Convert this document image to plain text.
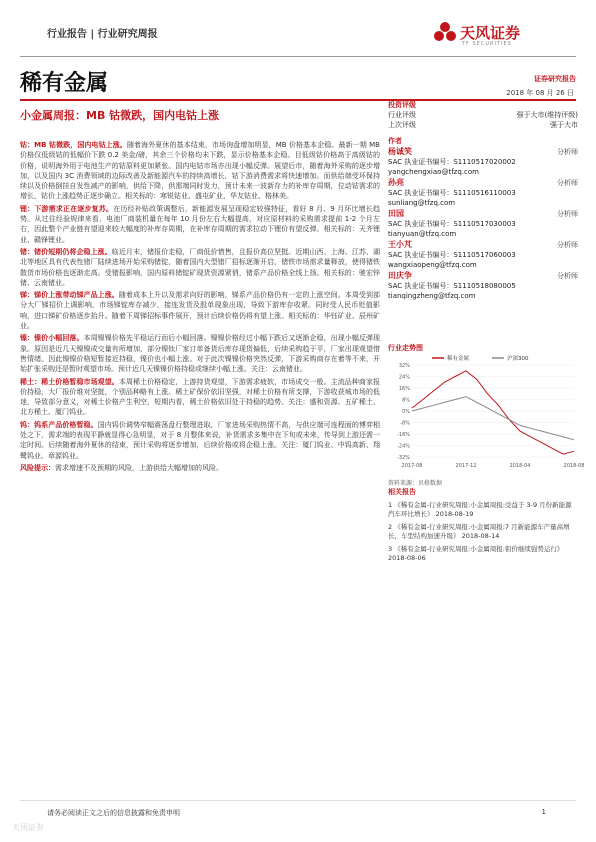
行业报告 | 行业研究周报	天风证券
TF SECURITIES
稀有金属	证券研究报告
2018 年 08 月 26 日
小金属周报：MB 钴微跌，国内电钴上涨

钴：MB 钴微跌，国内电钴上涨。随着海外夏休的基本结束，市场询盘增加明显，MB 价格基本企稳。最新一期 MB 价格仅低级钴的低幅价下跌 0.2 美金/磅，其余三个价格均未下跌，显示价格基本企稳。目低级钴价格高于高级钴的价格，说明海外用于电池生产的钴原料更加紧张。国内电钴市场亦出现小幅反弹。展望后市，随着海外采购的逐步增加，以及国内 3C 消费领域的边际改善及新能源汽车的持续高增长，钴下游消费需求将快速增加。而供给端受环保持续以及价格倒挂自发性减产的影响，供给下降，供需端同时发力，预计未来一波新存力的补库存周期，位动钴需求的增长，钴价上涨趋势正逐步确立。相关标的：寒锐钴业、盛屯矿业、华友钴业、格林美。

锂：下游需求正在逐步复苏。在历经补贴政策调整后，新能源发展呈现稳定较强特征，看好 8 月、9 月环比增长趋势。从过往经验规律来看，电池厂商装机量在每年 10 月份左右大幅提高，对应原材料的采购需求提前 1-2 个月左右，因此整个产业链有望迎来较大幅度的补库存周期，在补库存周期的需求拉动下锂价有望反弹。相关标的：天齐锂业、赣锋锂业。

锗：锗价短期仍将企稳上涨。临近月末，锗报价走稳，厂商低价惜售，且报价高位坚挺。近期山西、上海、江苏、湖北等地区具有代表性锗厂陆续进场开始采购锗锭，随着国内大型锗厂招标逐渐开启，锗铁市场需求量释放，使得锗铁散货市场价格也逐渐走高。受锗报影响，国内原料锗锭矿现货资源紧俏，锗系产品价格全线上扬。相关标的：驰宏锌锗、云南锗业。

锑：锑价上涨带动锑产品上涨。随着成本上升以及需求向好的影响，锑系产品价格仍有一定的上涨空间。本周受到部分大厂锑招价上调影响，市场锑锭库存减少，接连发货及股单现象出现，导致下游库存收紧。同时受人民币贬值影响，进口锑矿价格逐步抬升。随着下周锑招标事件展开，预计后续价格仍将有望上涨。相关标的：华钰矿业、辰州矿业。

镍：镍价小幅回落。本周镍镍价格先平稳运行而后小幅回落。镍镍价格经过小幅下跌后又逐渐企稳，出现小幅反弹现象。原因是近几天镍镍成交量有所增加，部分镍钛厂家订单备货后库存现货偏低，后续采购趋于平，厂家出现观望惜售情绪。因此镍镍价格短暂接近持稳，镍价也小幅上涨。对于此次镍镍价格突然反弹，下游采购商存在着等不来，开始扩张采购还是暂时观望市场。预计近几天镍镍价格持稳或继续小幅上涨。关注：云南锗业。

稀土：稀土价格暂稳市场观望。本周稀土价格稳定，上游持货观望，下游需求疲软，市场成交一般。主流品种商家报价持稳，大厂报价维对坚挺，个别品种略有上涨。稀土矿保价依旧坚强，对稀土价格有所支撑，下游收获城市场的低迷，导致部分意义，对稀土价格产生利空，短期内看，稀土价格依旧处于持稳的趋势。关注：盛和资源、五矿稀土、北方稀土、厦门钨业。

钨：钨系产品价格暂稳。国内钨价调势窄幅震荡盘行整理进取，厂家进场采购热情不高，与供应端可连程面的博弈相处之下，需求端的表现平静就显得心急明显，对于 8 月整体来说，补货需求多集中在下旬或未来，传导到上游还需一定时间。后续随着海外夏休的结束，预计采购将逐步增加，后续价格或将企稳上涨。关注：厦门钨业、中钨高新、翔鹭钨业、章源钨业。

风险提示：需求增速不及预期的风险，上游供给大幅增加的风险。

投资评级

行业评级	强于大市(维持评级)
上次评级	强于大市

作者

杨诚笑	分析师
SAC 执业证书编号：S1110517020002
yangchengxiao@tfzq.com
孙亮	分析师
SAC 执业证书编号：S1110516110003
sunliang@tfzq.com
田园	分析师
SAC 执业证书编号：S1110517030003
tianyuan@tfzq.com
王小芃	分析师
SAC 执业证书编号：S1110517060003
wangxiaopeng@tfzq.com
田庆争	分析师
SAC 执业证书编号：S1110518080005
tianqingzheng@tfzq.com
行业走势图
32%
24%
16%
8%
0%
-8%
-16%
-24%
-32%
2017-08	2017-12	2018-04	2018-08
稀有金属	沪深300
资料来源：贝格数据
相关报告
1 《稀有金属-行业研究周报:小金属周报:受益于 3-9 月份新能源汽车环比增长》 2018-08-19
2 《稀有金属-行业研究周报:小金属周报:7 月新能源车产量高增长，车型结构加速升级》 2018-08-14
3 《稀有金属-行业研究周报:小金属周报:钼价继续强势运行》 2018-08-06
请务必阅读正文之后的信息披露和免责申明	1
天风证券
